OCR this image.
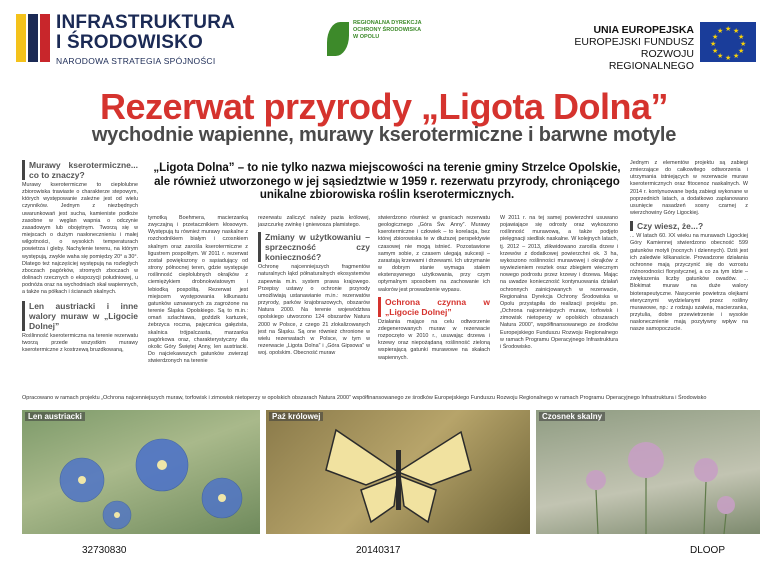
INFRASTRUKTURA
I ŚRODOWISKO
NARODOWA STRATEGIA SPÓJNOŚCI
REGIONALNA DYREKCJA OCHRONY ŚRODOWISKA W OPOLU
UNIA EUROPEJSKA
EUROPEJSKI FUNDUSZ
ROZWOJU REGIONALNEGO
★ ★
★
★
★
★
★
★
★
★
★
★
Rezerwat przyrody „Ligota Dolna”
wychodnie wapienne, murawy kserotermiczne i barwne motyle
Murawy kserotermiczne... co to znaczy?
Murawy kserotermiczne to ciepłolubne zbiorowiska trawiaste o charakterze stepowym, których występowanie zależne jest od wielu czynników. Jednym z niezbędnych uwarunkowań jest sucha, kamieniste podłoże zasobne w węglan wapnia o odczynie zasadowym lub obojętnym. Tworzą się w miejscach o dużym nasłonecznieniu i małej wilgotności, o wysokich temperaturach powietrza i gleby. Nachylenie terenu, na którym występują, zwykle waha się pomiędzy 20° a 30°. Dlatego też najczęściej występują na rozległych zboczach pagórków, stromych zboczach w dolinach rzecznych o ekspozycji południowej, u podnóża oraz na wychodniach skał wapiennych, a także na półkach i ścianach skalnych.
Len austriacki i inne walory muraw w „Ligocie Dolnej”
Roślinność kserotermiczna na terenie rezerwatu tworzą przede wszystkim murawy kserotermiczne z kostrzewą bruzdkowaną,
„Ligota Dolna” – to nie tylko nazwa miejscowości na terenie gminy Strzelce Opolskie, ale również utworzonego w jej sąsiedztwie w 1959 r. rezerwatu przyrody, chroniącego unikalne zbiorowiska roślin kserotermicznych.
tymotką Boehmera, macierzanką zwyczajną i przetacznikiem kłosowym. Występują tu również murawy naskalne z rozchodnikiem białym i czosnkiem skalnym oraz zarośla kserotermiczne z ligustrem pospolitym. W 2011 r. rezerwat został powiększony o sąsiadujący od strony północnej teren, gdzie występuje roślinność ciepłolubnych okrajków z ciemiężykiem drobnokwiatowym i lebiodką pospolitą. Rezerwat jest miejscem występowania kilkunastu gatunków uznawanych za zagrożone na terenie Śląska Opolskiego. Są to m.in.: omań szlachtawa, goździk kartuzek, żebrzyca roczna, pajęcznica gałęzista, skalnica trójpalczasta, marzanka pagórkowa oraz, charakterystyczny dla okolic Góry Świętej Anny, len austriacki. Do najciekawszych gatunków zwierząt stwierdzonych na terenie
rezerwatu zaliczyć należy pazia królowej, jaszczurkę zwinkę i gniewosza plamistego.
Zmiany w użytkowaniu – sprzeczność czy konieczność?
Ochronę najcenniejszych fragmentów naturalnych łąkd półnaturalnych ekosystemów zapewnia m.in. system prawa krajowego. Przepisy ustawy o ochronie przyrody umożliwiają ustanawianie m.in.: rezerwatów przyrody, parków krajobrazowych, obszarów Natura 2000. Na terenie województwa opolskiego utworzono 124 obszarów Natura 2000 w Polsce, z czego 21 zlokalizowanych jest na Śląsku. Są one również chronione w wielu rezerwatach w Polsce, w tym w rezerwacie „Ligota Dolna” i „Góra Gipsowa” w woj. opolskim. Obecność muraw
stwierdzono również w granicach rezerwatu geologicznego „Góra Św. Anny”. Murawy kserotermiczne i człowiek – to korelacja, bez której zbiorowiska te w dłuższej perspektywie czasowej nie mogą istnieć. Pozostawione samym sobie, z czasem ulegają sukcesji – zarastają krzewami i drzewami. Ich utrzymanie w dobrym stanie wymaga stałem ekstensywnego użytkowania, przy czym optymalnym sposobem na zachowanie ich walorów jest prowadzenie wypasu.
Ochrona czynna w „Ligocie Dolnej”
Działania mające na celu odtworzenie zdegenerowanych muraw w rezerwacie rozpoczęto w 2010 r., usuwając drzewa i krzewy oraz niepożądaną roślinność zieloną wspierającą gatunki murawowe na skałach wapiennych.
W 2011 r. na tej samej powierzchni usuwano pojawiające się odrosty oraz wykoszono roślinność murawową, a także podjęto pielęgnacji siedlisk naskalne. W kolejnych latach, tj. 2012 – 2013, zlikwidowano zarośla drzew i krzewów z dodatkowej powierzchni ok. 3 ha, wykoszono roślinności murawowej i okrajków z wywiezieniem resztek oraz zbiegiem wiecznym nowego podrostu przez krzewy i drzewa. Mając na uwadze konieczność kontynuowania działań ochronnych zainicjowanych w rezerwacie, Regionalna Dyrekcja Ochrony Środowiska w Opolu przystąpiła do realizacji projektu pn. „Ochrona najcenniejszych muraw, torfowisk i zimowisk nietoperzy w opolskich obszarach Natura 2000”, współfinansowanego ze środków Europejskiego Funduszu Rozwoju Regionalnego w ramach Programu Operacyjnego Infrastruktura i Środowisko.
Jednym z elementów projektu są zabiegi zmierzające do całkowitego odtworzenia i utrzymania istniejących w rezerwacie muraw kserotermicznych oraz fitocenoz naskalnych. W 2014 r. kontynuowane będą zabiegi wykonane w poprzednich latach, a dodatkowo zaplanowano usunięcie nasadzeń sosny czarnej z wierzchowiny Góry Ligockiej.
Czy wiesz, że...?
... W latach 60. XX wieku na murawach Ligockiej Góry Kamiennej stwierdzono obecność 599 gatunków motyli (nocnych i dziennych). Dziś jest ich zaledwie kilkanaście. Prowadzone działania ochronne mają przyczynić się do wzrostu różnorodności florystycznej, a co za tym idzie – zwiększenia liczby gatunków owadów. ... Blokimat muraw na duże walory bioterapeutyczne. Nasycenie powietrza olejkami eterycznymi wydzielanymi przez rośliny murawowe, np.: z rodzaju szałwia, macierzanka, przytulia, dobre przewietrzenie i wysokie nasłonecznienie mają pozytywny wpływ na nasze samopoczucie.
Opracowano w ramach projektu „Ochrona najcenniejszych muraw, torfowisk i zimowisk nietoperzy w opolskich obszarach Natura 2000” współfinansowanego ze środków Europejskiego Funduszu Rozwoju Regionalnego w ramach Programu Operacyjnego Infrastruktura i Środowisko
Len austriacki	Paź królowej	Czosnek skalny
32730830	20140317	DLOOP
